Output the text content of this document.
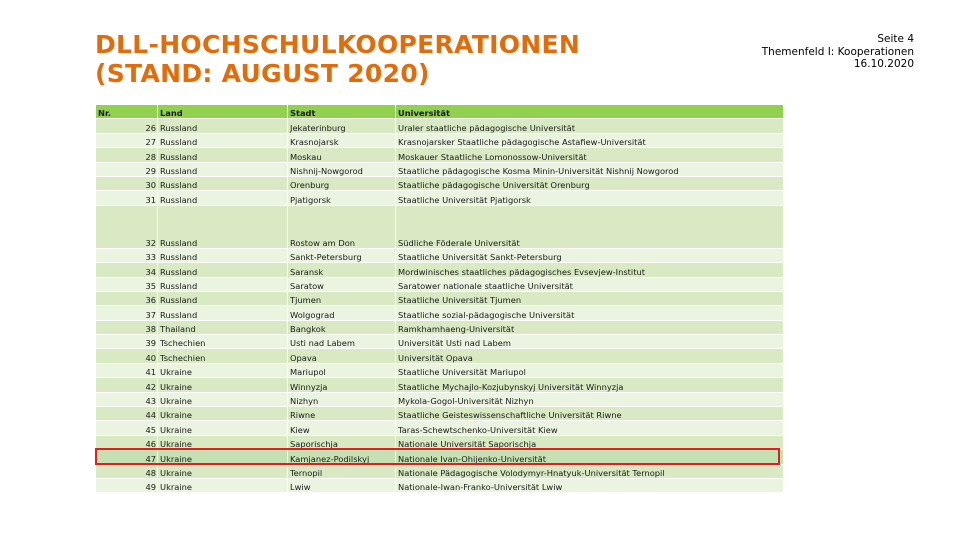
DLL-HOCHSCHULKOOPERATIONEN
(STAND: AUGUST 2020)
Seite 4
Themenfeld I: Kooperationen
16.10.2020
Nr.	Land	Stadt	Universität
26	Russland	Jekaterinburg	Uraler staatliche pädagogische Universität
27	Russland	Krasnojarsk	Krasnojarsker Staatliche pädagogische Astafiew-Universität
28	Russland	Moskau	Moskauer Staatliche Lomonossow-Universität
29	Russland	Nishnij-Nowgorod	Staatliche pädagogische Kosma Minin-Universität Nishnij Nowgorod
30	Russland	Orenburg	Staatliche pädagogische Universität Orenburg
31	Russland	Pjatigorsk	Staatliche Universität Pjatigorsk
32	Russland	Rostow am Don	Südliche Föderale Universität
33	Russland	Sankt-Petersburg	Staatliche Universität Sankt-Petersburg
34	Russland	Saransk	Mordwinisches staatliches pädagogisches Evsevjew-Institut
35	Russland	Saratow	Saratower nationale staatliche Universität
36	Russland	Tjumen	Staatliche Universität Tjumen
37	Russland	Wolgograd	Staatliche sozial-pädagogische Universität
38	Thailand	Bangkok	Ramkhamhaeng-Universität
39	Tschechien	Usti nad Labem	Universität Usti nad Labem
40	Tschechien	Opava	Universität Opava
41	Ukraine	Mariupol	Staatliche Universität Mariupol
42	Ukraine	Winnyzja	Staatliche Mychajlo-Kozjubynskyj Universität Winnyzja
43	Ukraine	Nizhyn	Mykola-Gogol-Universität Nizhyn
44	Ukraine	Riwne	Staatliche Geisteswissenschaftliche Universität Riwne
45	Ukraine	Kiew	Taras-Schewtschenko-Universität Kiew
46	Ukraine	Saporischja	Nationale Universität Saporischja
47	Ukraine	Kamjanez-Podilskyj	Nationale Ivan-Ohijenko-Universität
48	Ukraine	Ternopil	Nationale Pädagogische Volodymyr-Hnatyuk-Universität Ternopil
49	Ukraine	Lwiw	Nationale-Iwan-Franko-Universität Lwiw
